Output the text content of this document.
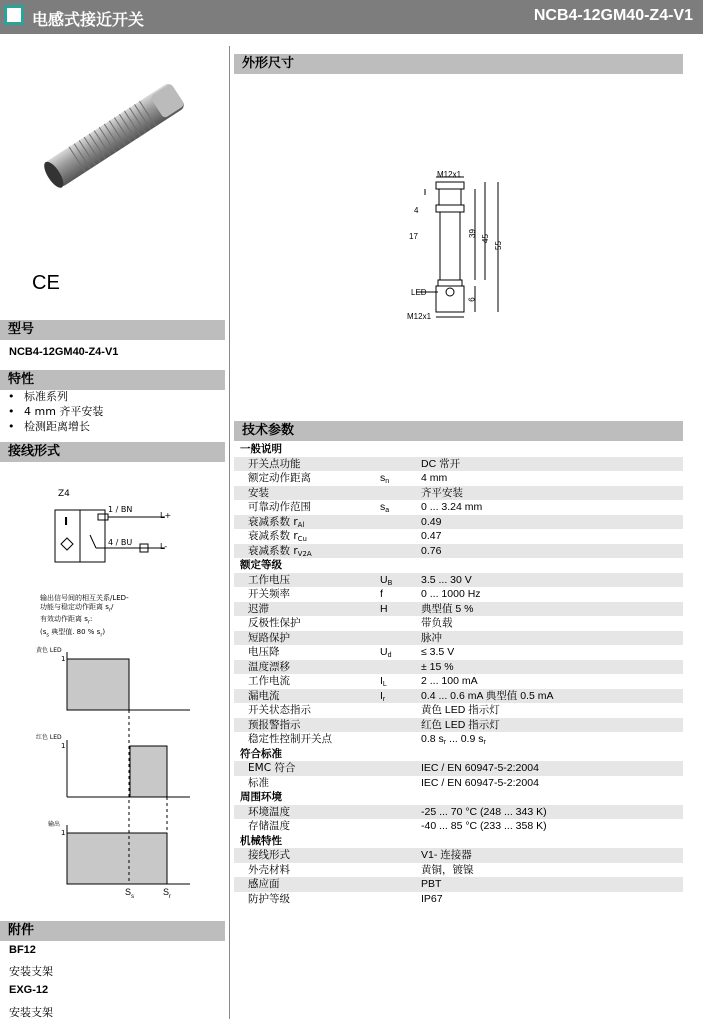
电感式接近开关	NCB4-12GM40-Z4-V1
CE
型号
NCB4-12GM40-Z4-V1
特性
• 标准系列
• 4 mm 齐平安装
• 检测距离增长
接线形式
Z4
I
1 / BN
4 / BU
L+
L-
输出信号间的相互关系/LED-
功能与稳定动作距离 $s_r/$
有效动作距离 $s_r$:
($s_s$ 典型值. 80 % $s_r$)
黄色 LED
1
红色 LED
1
输出
1
$S_s$	$S_r$
附件
BF12
安装支架
EXG-12
安装支架
外形尺寸
M12x1
4
17	39
45
55
LED
6
M12x1
技术参数
一般说明
开关点功能	DC 常开
额定动作距离	$s_n$	4 mm
安装	齐平安装
可靠动作范围	$s_a$	0 ... 3.24 mm
衰减系数 $r_{Al}$	0.49
衰减系数 $r_{Cu}$	0.47
衰减系数 $r_{V2A}$	0.76
额定等级
工作电压	$U_B$	3.5 ... 30 V
开关频率	f	0 ... 1000 Hz
迟滞	H	典型值 5 %
反极性保护	带负载
短路保护	脉冲
电压降	$U_d$	≤ 3.5 V
温度漂移	± 15 %
工作电流	$I_L$	2 ... 100 mA
漏电流	$I_r$	0.4 ... 0.6 mA 典型值 0.5 mA
开关状态指示	黄色 LED 指示灯
预报警指示	红色 LED 指示灯
稳定性控制开关点	0.8 $s_r$ ... 0.9 $s_r$
符合标准
EMC 符合	IEC / EN 60947-5-2:2004
标准	IEC / EN 60947-5-2:2004
周围环境
环境温度	-25 ... 70 °C (248 ... 343 K)
存储温度	-40 ... 85 °C (233 ... 358 K)
机械特性
接线形式	V1- 连接器
外壳材料	黄铜，镀镍
感应面	PBT
防护等级	IP67
